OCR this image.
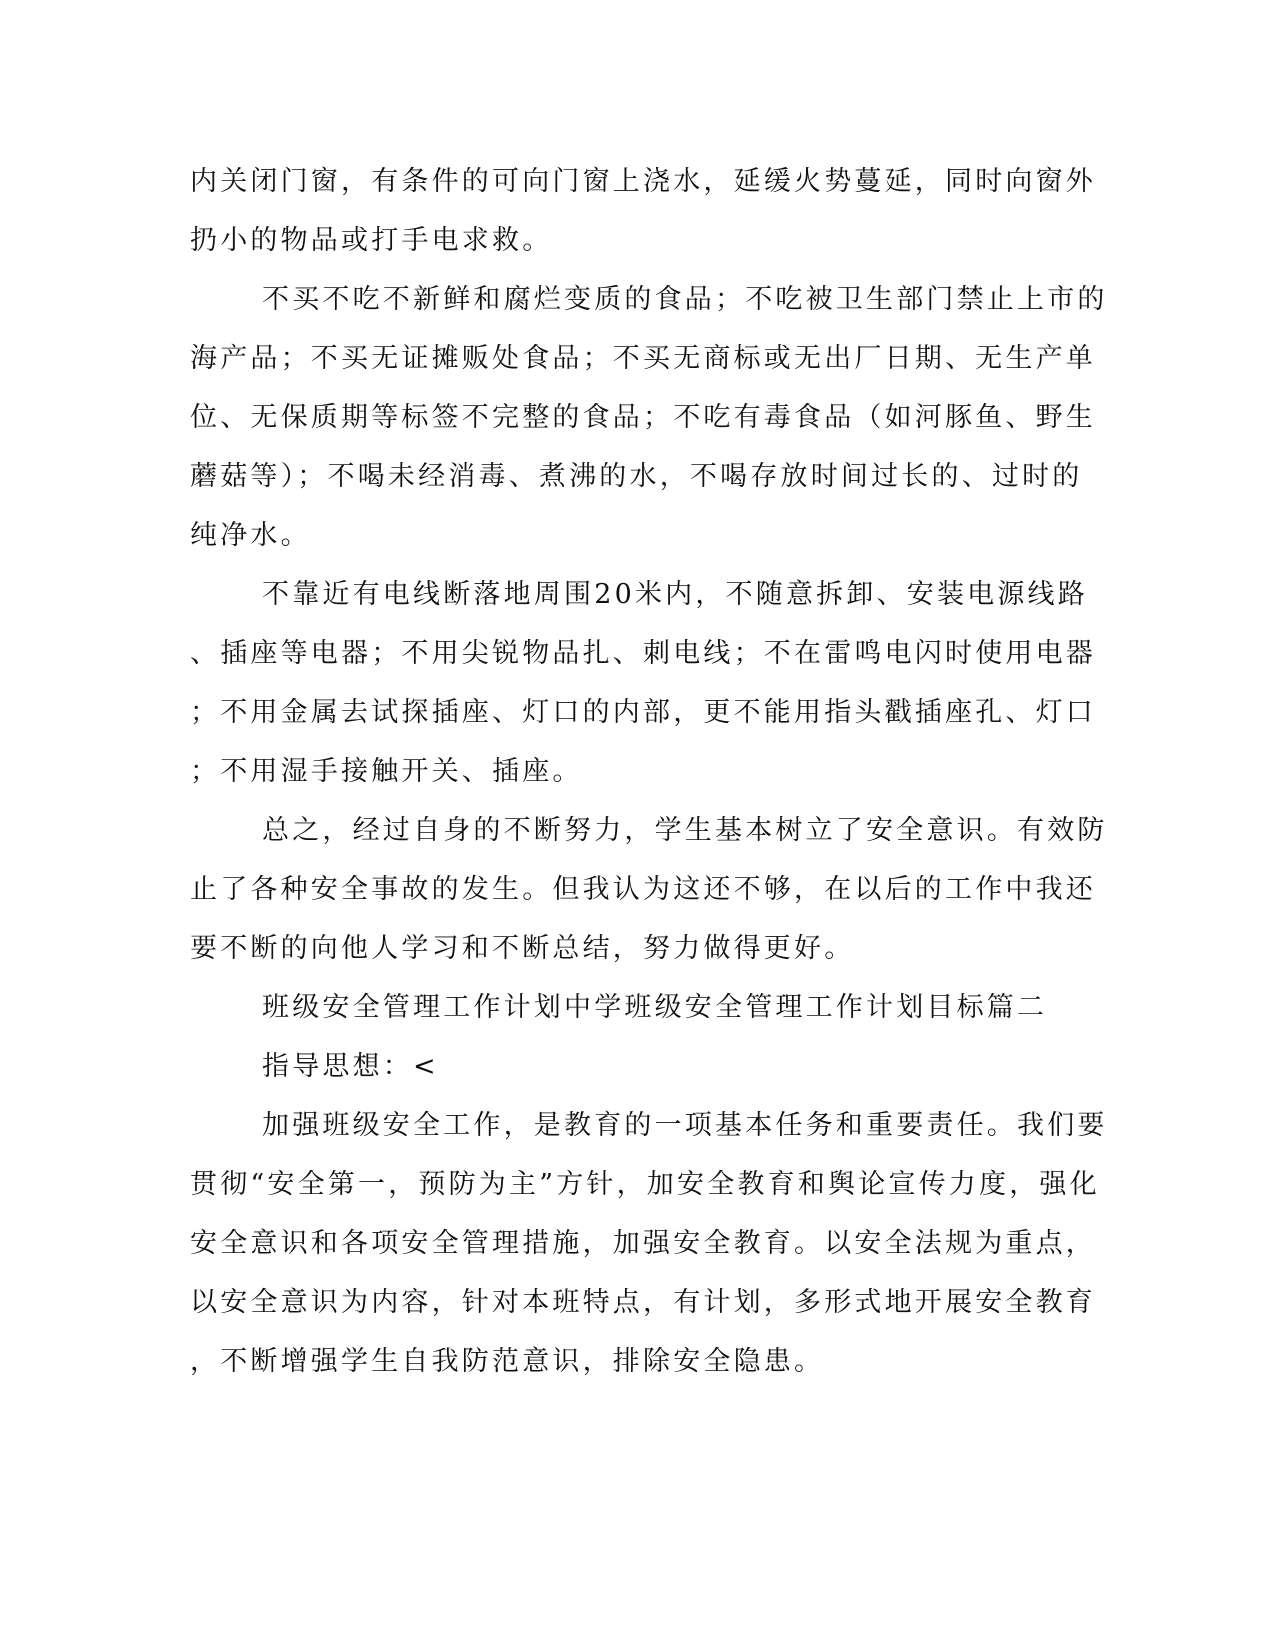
内关闭门窗，有条件的可向门窗上浇水，延缓火势蔓延，同时向窗外
扔小的物品或打手电求救。
不买不吃不新鲜和腐烂变质的食品；不吃被卫生部门禁止上市的
海产品；不买无证摊贩处食品；不买无商标或无出厂日期、无生产单
位、无保质期等标签不完整的食品；不吃有毒食品（如河豚鱼、野生
蘑菇等）；不喝未经消毒、煮沸的水，不喝存放时间过长的、过时的
纯净水。
不靠近有电线断落地周围20米内，不随意拆卸、安装电源线路
、插座等电器；不用尖锐物品扎、刺电线；不在雷鸣电闪时使用电器
；不用金属去试探插座、灯口的内部，更不能用指头戳插座孔、灯口
；不用湿手接触开关、插座。
总之，经过自身的不断努力，学生基本树立了安全意识。有效防
止了各种安全事故的发生。但我认为这还不够，在以后的工作中我还
要不断的向他人学习和不断总结，努力做得更好。
班级安全管理工作计划中学班级安全管理工作计划目标篇二
指导思想：<
加强班级安全工作，是教育的一项基本任务和重要责任。我们要
贯彻“安全第一，预防为主”方针，加安全教育和舆论宣传力度，强化
安全意识和各项安全管理措施，加强安全教育。以安全法规为重点，
以安全意识为内容，针对本班特点，有计划，多形式地开展安全教育
，不断增强学生自我防范意识，排除安全隐患。
